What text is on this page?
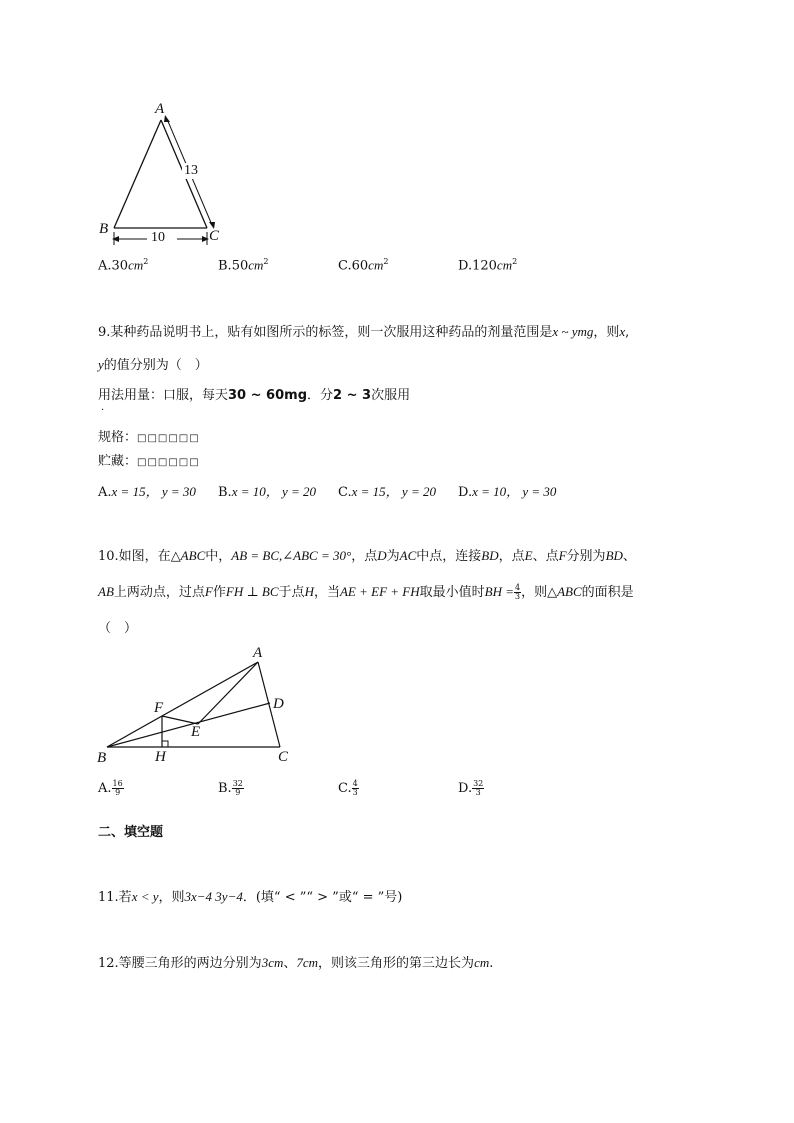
A
B	C
13
10
$A.30cm^2$	$B.50cm^2$	$C.60cm^2$	$D.120cm^2$
9.某种药品说明书上，贴有如图所示的标签，则一次服用这种药品的剂量范围是x ~ ymg，则x,
y的值分别为（　）
用法用量：口服，每天30 ~ 60mg．分2 ~ 3次服用
.
规格：□□□□□□
贮藏：□□□□□□
A.x = 15， y = 30 B.x = 10， y = 20 C.x = 15， y = 20 D.x = 10， y = 30
10.如图，在△ABC中，AB = BC,∠ABC = 30°，点D为AC中点，连接BD，点E、点F分别为BD、
AB上两动点，过点F作FH ⊥ BC于点H，当AE + EF + FH取最小值时BH = $\frac{4}{3}$ ，则△ABC的面积是
（　）
A
B	C
D
E
F
H
A. $\frac{16}{9}$	B. $\frac{32}{9}$	C. $\frac{4}{3}$	D. $\frac{32}{3}$
二、填空题
11.若x < y，则3x−4 3y−4．(填“ < ”“ > ”或“ = ”号)
12.等腰三角形的两边分别为3cm、7cm，则该三角形的第三边长为cm.
